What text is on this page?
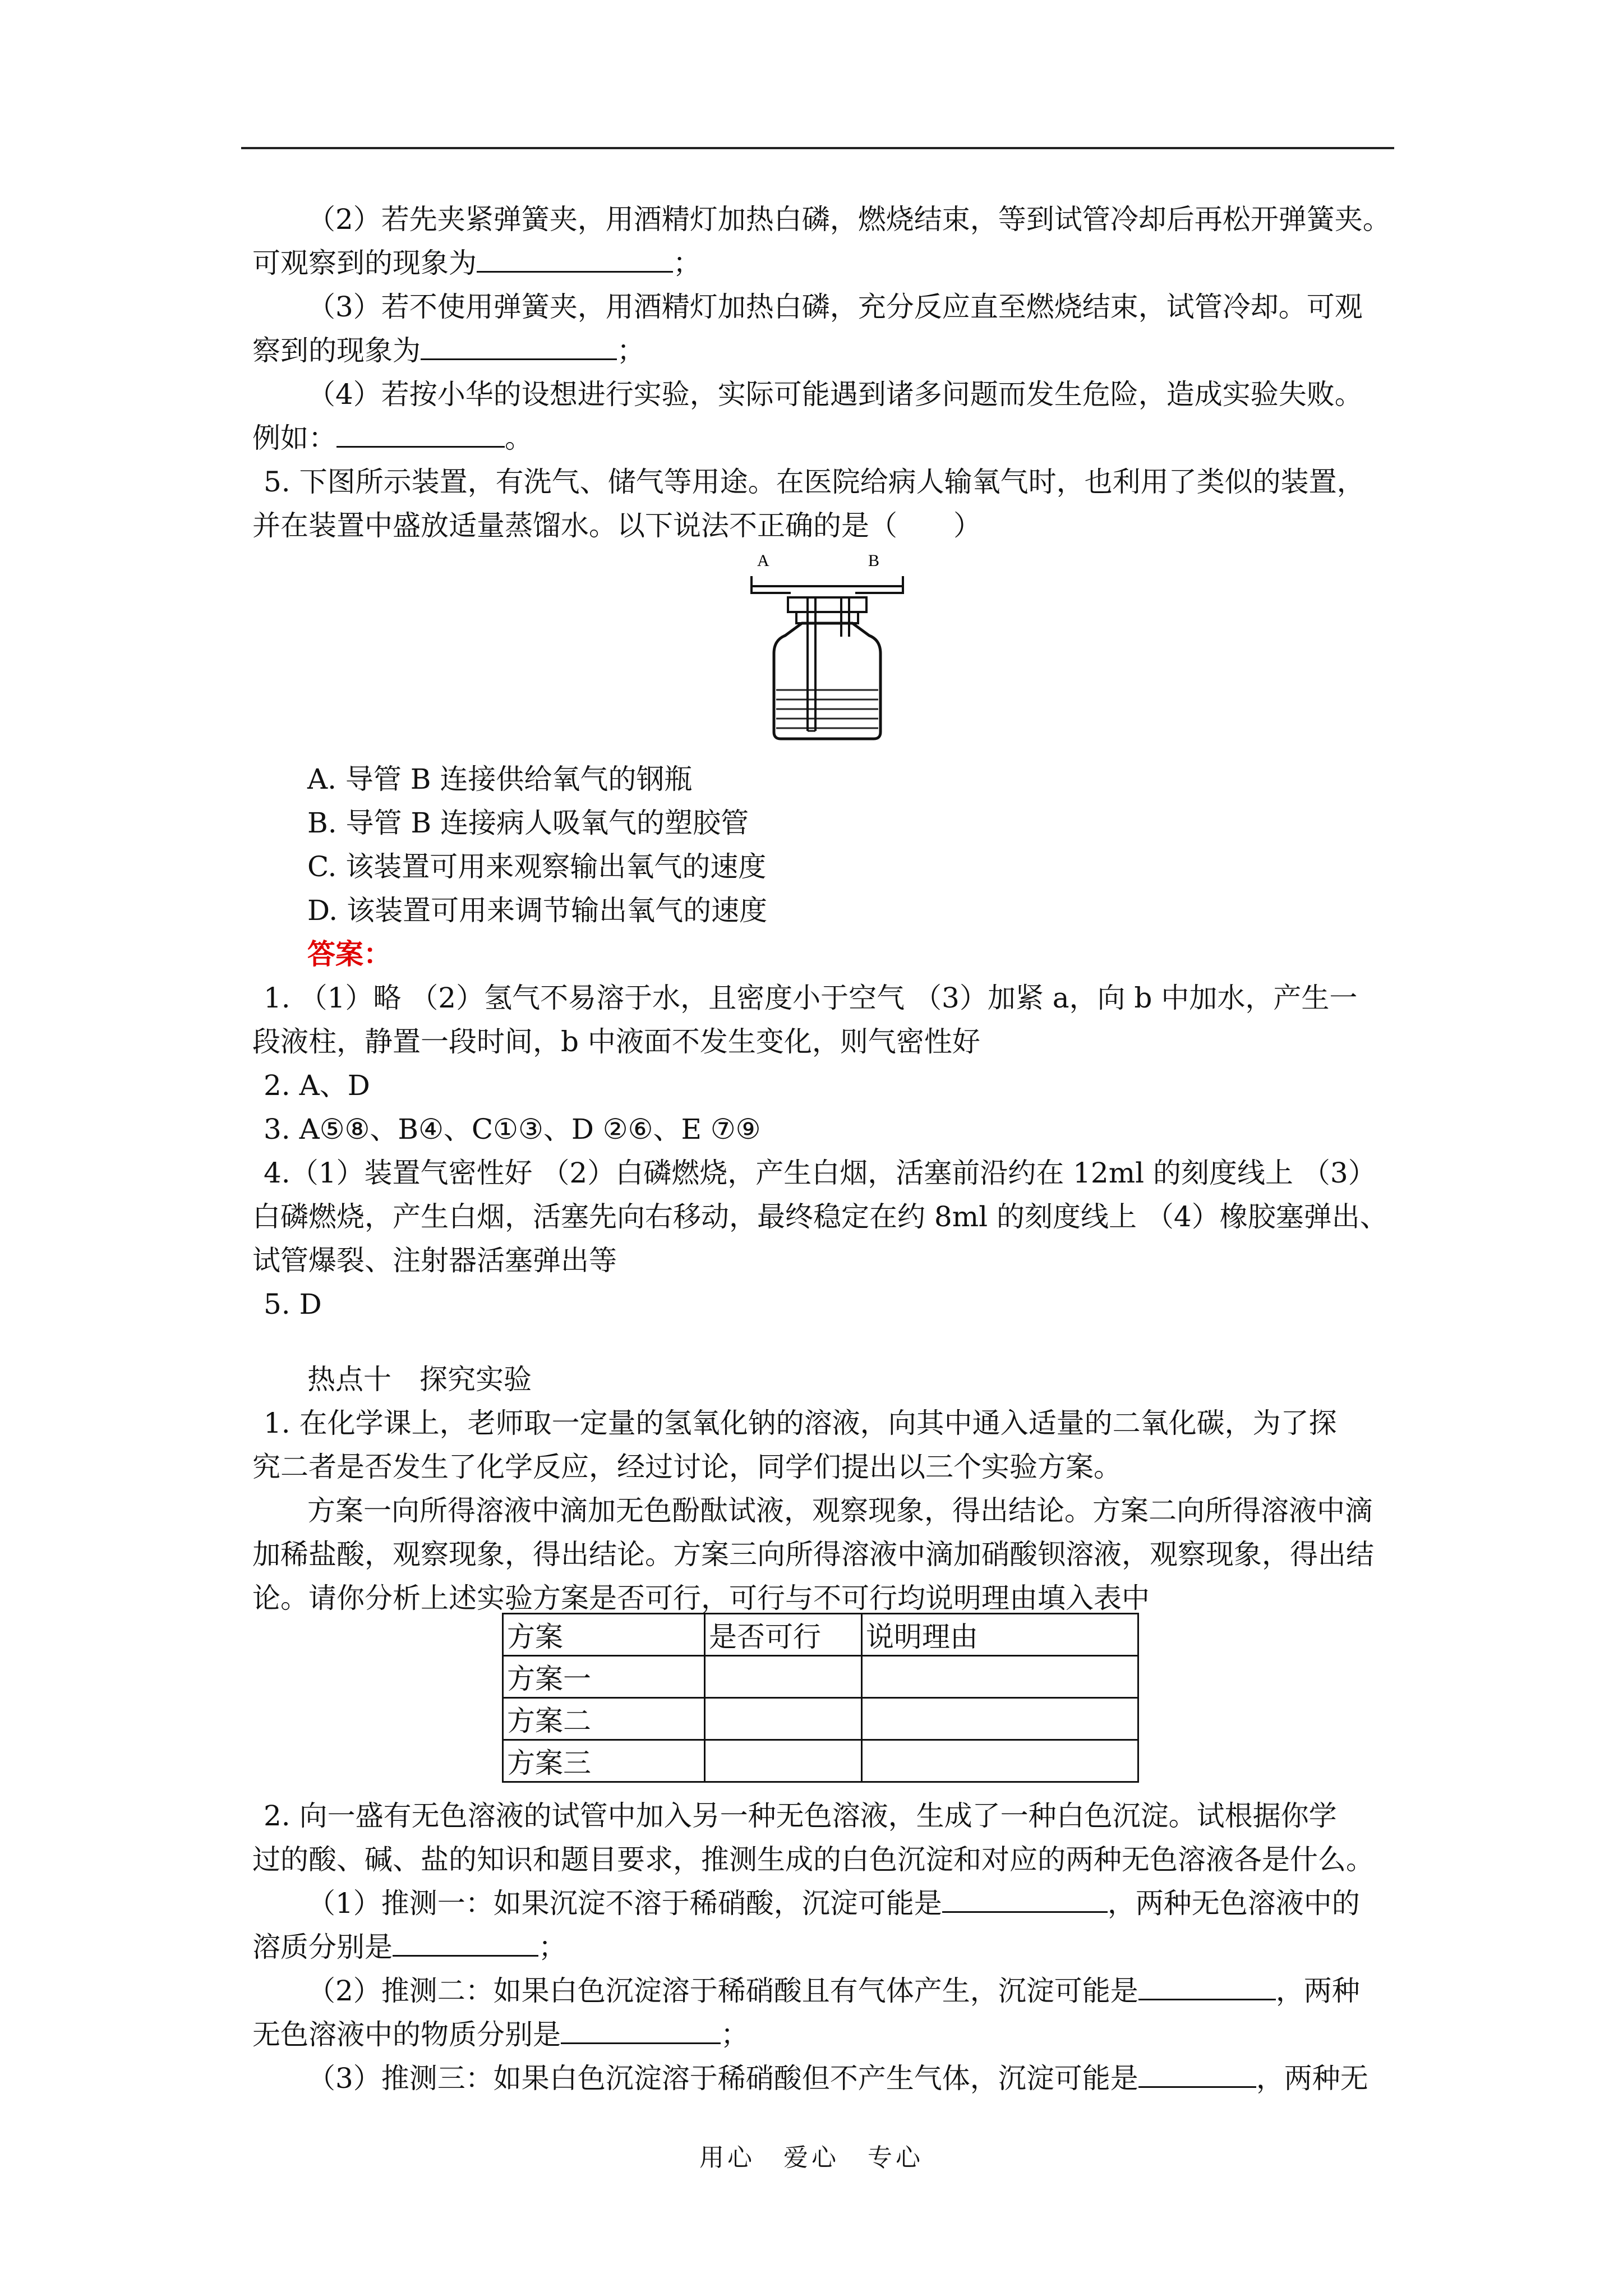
（2）若先夹紧弹簧夹，用酒精灯加热白磷，燃烧结束，等到试管冷却后再松开弹簧夹。
可观察到的现象为	；
（3）若不使用弹簧夹，用酒精灯加热白磷，充分反应直至燃烧结束，试管冷却。可观
察到的现象为	；
（4）若按小华的设想进行实验，实际可能遇到诸多问题而发生危险，造成实验失败。
例如：	。
5. 下图所示装置，有洗气、储气等用途。在医院给病人输氧气时，也利用了类似的装置，
并在装置中盛放适量蒸馏水。以下说法不正确的是（　　）
A	B
A. 导管 B 连接供给氧气的钢瓶
B. 导管 B 连接病人吸氧气的塑胶管
C. 该装置可用来观察输出氧气的速度
D. 该装置可用来调节输出氧气的速度
答案：
1. （1）略 （2）氢气不易溶于水，且密度小于空气 （3）加紧 a，向 b 中加水，产生一
段液柱，静置一段时间，b 中液面不发生变化，则气密性好
2. A、D
3. A⑤⑧、B④、C①③、D ②⑥、E ⑦⑨
4.（1）装置气密性好 （2）白磷燃烧，产生白烟，活塞前沿约在 12ml 的刻度线上 （3）
白磷燃烧，产生白烟，活塞先向右移动，最终稳定在约 8ml 的刻度线上 （4）橡胶塞弹出、
试管爆裂、注射器活塞弹出等
5. D
热点十　探究实验
1. 在化学课上，老师取一定量的氢氧化钠的溶液，向其中通入适量的二氧化碳，为了探
究二者是否发生了化学反应，经过讨论，同学们提出以三个实验方案。
方案一向所得溶液中滴加无色酚酞试液，观察现象，得出结论。方案二向所得溶液中滴
加稀盐酸，观察现象，得出结论。方案三向所得溶液中滴加硝酸钡溶液，观察现象，得出结
论。请你分析上述实验方案是否可行，可行与不可行均说明理由填入表中
方案	是否可行	说明理由
方案一		
方案二		
方案三		
2. 向一盛有无色溶液的试管中加入另一种无色溶液，生成了一种白色沉淀。试根据你学
过的酸、碱、盐的知识和题目要求，推测生成的白色沉淀和对应的两种无色溶液各是什么。
（1）推测一：如果沉淀不溶于稀硝酸，沉淀可能是	，两种无色溶液中的
溶质分别是	；
（2）推测二：如果白色沉淀溶于稀硝酸且有气体产生，沉淀可能是	，两种
无色溶液中的物质分别是	；
（3）推测三：如果白色沉淀溶于稀硝酸但不产生气体，沉淀可能是	，两种无
用心　爱心　专心
